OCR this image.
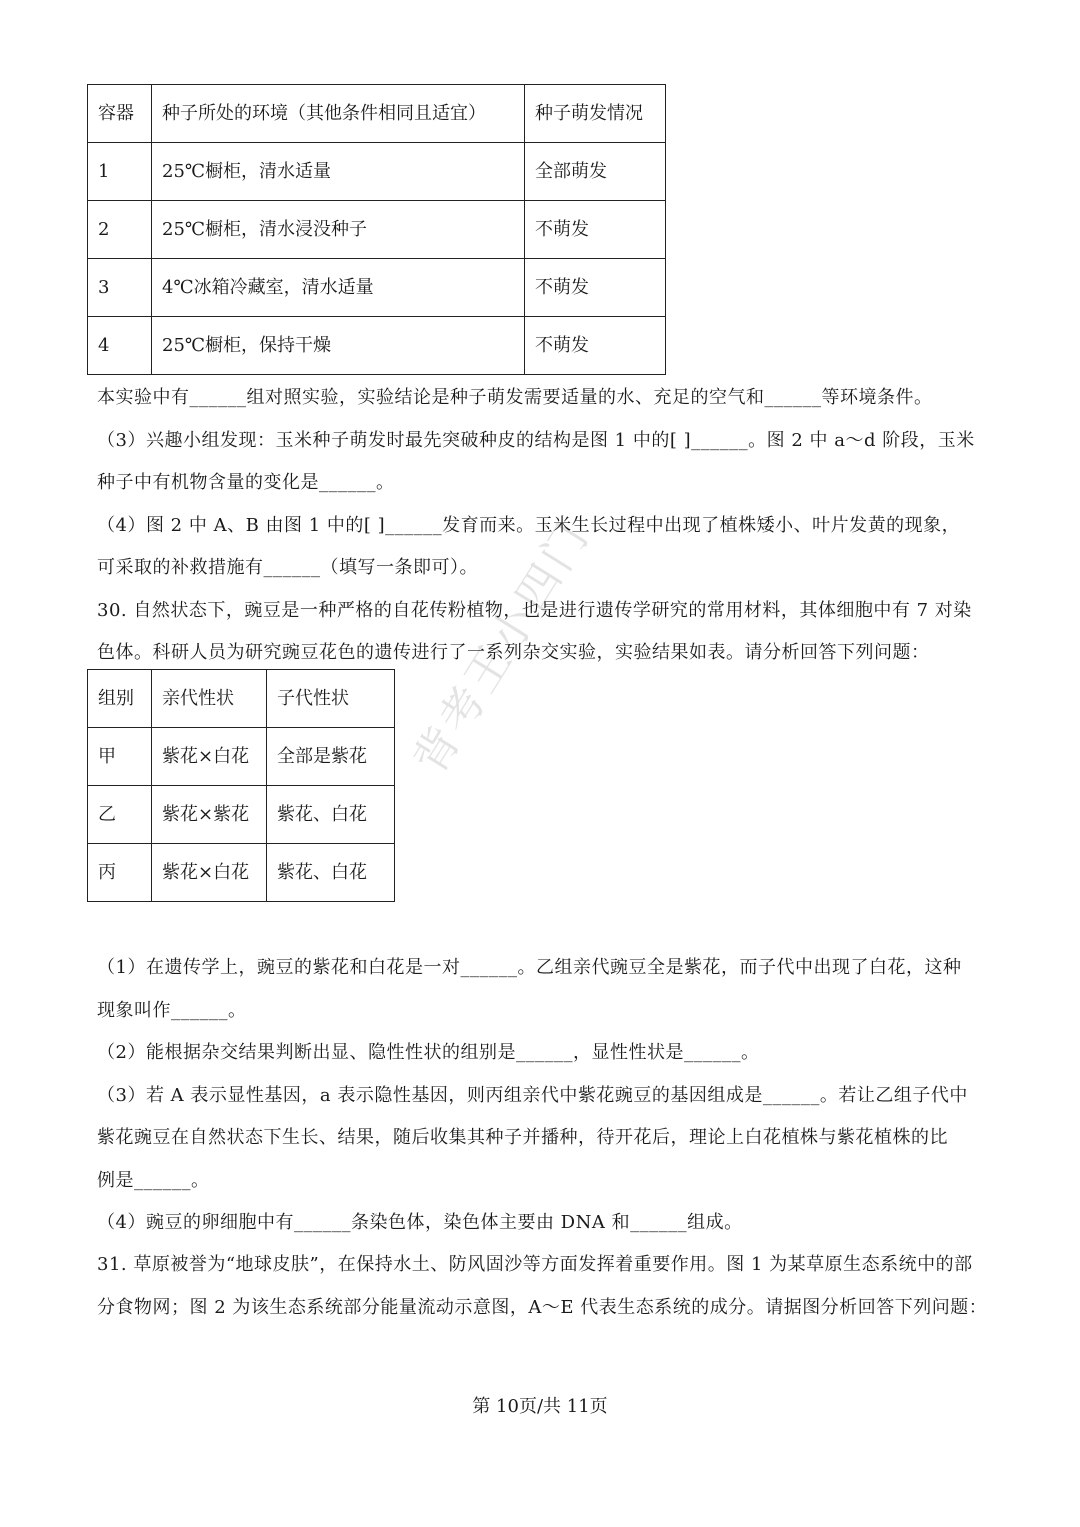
背考王小四门
容器	种子所处的环境（其他条件相同且适宜）	种子萌发情况
1	25℃橱柜，清水适量	全部萌发
2	25℃橱柜，清水浸没种子	不萌发
3	4℃冰箱冷藏室，清水适量	不萌发
4	25℃橱柜，保持干燥	不萌发
本实验中有______组对照实验，实验结论是种子萌发需要适量的水、充足的空气和______等环境条件。
（3）兴趣小组发现：玉米种子萌发时最先突破种皮的结构是图 1 中的[ ]______。图 2 中 a～d 阶段，玉米
种子中有机物含量的变化是______。
（4）图 2 中 A、B 由图 1 中的[ ]______发育而来。玉米生长过程中出现了植株矮小、叶片发黄的现象，
可采取的补救措施有______（填写一条即可）。
30. 自然状态下，豌豆是一种严格的自花传粉植物，也是进行遗传学研究的常用材料，其体细胞中有 7 对染
色体。科研人员为研究豌豆花色的遗传进行了一系列杂交实验，实验结果如表。请分析回答下列问题：
组别	亲代性状	子代性状
甲	紫花×白花	全部是紫花
乙	紫花×紫花	紫花、白花
丙	紫花×白花	紫花、白花
（1）在遗传学上，豌豆的紫花和白花是一对______。乙组亲代豌豆全是紫花，而子代中出现了白花，这种
现象叫作______。
（2）能根据杂交结果判断出显、隐性性状的组别是______，显性性状是______。
（3）若 A 表示显性基因，a 表示隐性基因，则丙组亲代中紫花豌豆的基因组成是______。若让乙组子代中
紫花豌豆在自然状态下生长、结果，随后收集其种子并播种，待开花后，理论上白花植株与紫花植株的比
例是______。
（4）豌豆的卵细胞中有______条染色体，染色体主要由 DNA 和______组成。
31. 草原被誉为“地球皮肤”，在保持水土、防风固沙等方面发挥着重要作用。图 1 为某草原生态系统中的部
分食物网；图 2 为该生态系统部分能量流动示意图，A～E 代表生态系统的成分。请据图分析回答下列问题：
第 10页/共 11页
